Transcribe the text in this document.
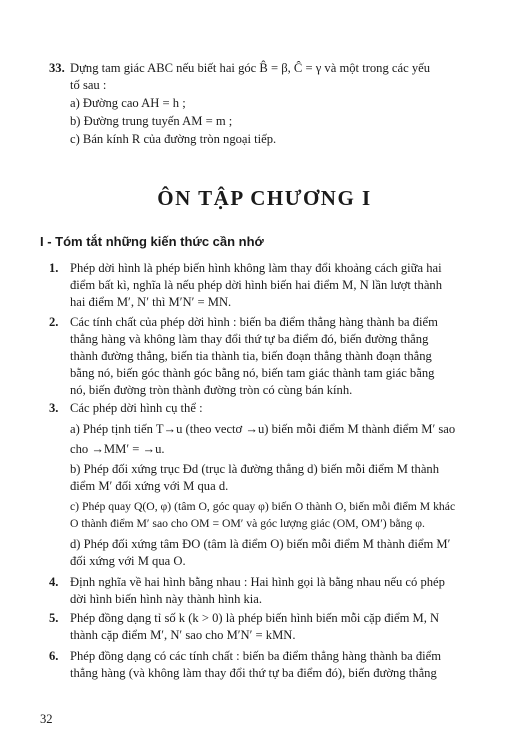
33. Dựng tam giác ABC nếu biết hai góc B̂ = β, Ĉ = γ và một trong các yếu
tố sau :
a) Đường cao AH = h ;
b) Đường trung tuyến AM = m ;
c) Bán kính R của đường tròn ngoại tiếp.
ÔN TẬP CHƯƠNG I
I - Tóm tắt những kiến thức cần nhớ
1. Phép dời hình là phép biến hình không làm thay đổi khoảng cách giữa hai
điểm bất kì, nghĩa là nếu phép dời hình biến hai điểm M, N lần lượt thành
hai điểm M′, N′ thì M′N′ = MN.
2. Các tính chất của phép dời hình : biến ba điểm thẳng hàng thành ba điểm
thẳng hàng và không làm thay đổi thứ tự ba điểm đó, biến đường thẳng
thành đường thẳng, biến tia thành tia, biến đoạn thẳng thành đoạn thẳng
bằng nó, biến góc thành góc bằng nó, biến tam giác thành tam giác bằng
nó, biến đường tròn thành đường tròn có cùng bán kính.
3. Các phép dời hình cụ thể :
a) Phép tịnh tiến T→u (theo vectơ →u) biến mỗi điểm M thành điểm M′ sao
cho →MM′ = →u.
b) Phép đối xứng trục Đd (trục là đường thẳng d) biến mỗi điểm M thành
điểm M′ đối xứng với M qua d.
c) Phép quay Q(O, φ) (tâm O, góc quay φ) biến O thành O, biến mỗi điểm M khác
O thành điểm M′ sao cho OM = OM′ và góc lượng giác (OM, OM′) bằng φ.
d) Phép đối xứng tâm ĐO (tâm là điểm O) biến mỗi điểm M thành điểm M′
đối xứng với M qua O.
4. Định nghĩa về hai hình bằng nhau : Hai hình gọi là bằng nhau nếu có phép
dời hình biến hình này thành hình kia.
5. Phép đồng dạng tỉ số k (k > 0) là phép biến hình biến mỗi cặp điểm M, N
thành cặp điểm M′, N′ sao cho M′N′ = kMN.
6. Phép đồng dạng có các tính chất : biến ba điểm thẳng hàng thành ba điểm
thẳng hàng (và không làm thay đổi thứ tự ba điểm đó), biến đường thẳng
32
